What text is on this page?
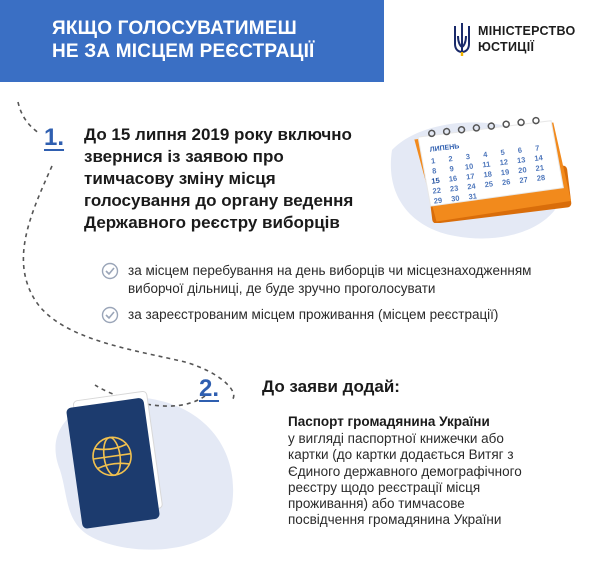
ЯКЩО ГОЛОСУВАТИМЕШ
НЕ ЗА МІСЦЕМ РЕЄСТРАЦІЇ
МІНІСТЕРСТВО
ЮСТИЦІЇ
1. До 15 липня 2019 року включно
звернися із заявою про
тимчасову зміну місця
голосування до органу ведення
Державного реєстру виборців
ЛИПЕНЬ
1 2 3 4 5 6 7
8 9 10 11 12 13 14
15 16 17 18 19 20 21
22 23 24 25 26 27 28
29 30 31
за місцем перебування на день виборців чи місцезнаходженням
виборчої дільниці, де буде зручно проголосувати
за зареєстрованим місцем проживання (місцем реєстрації)
2.	До заяви додай:
Паспорт громадянина України
у вигляді паспортної книжечки або
картки (до картки додається Витяг з
Єдиного державного демографічного
реєстру щодо реєстрації місця
проживання) або тимчасове
посвідчення громадянина України
